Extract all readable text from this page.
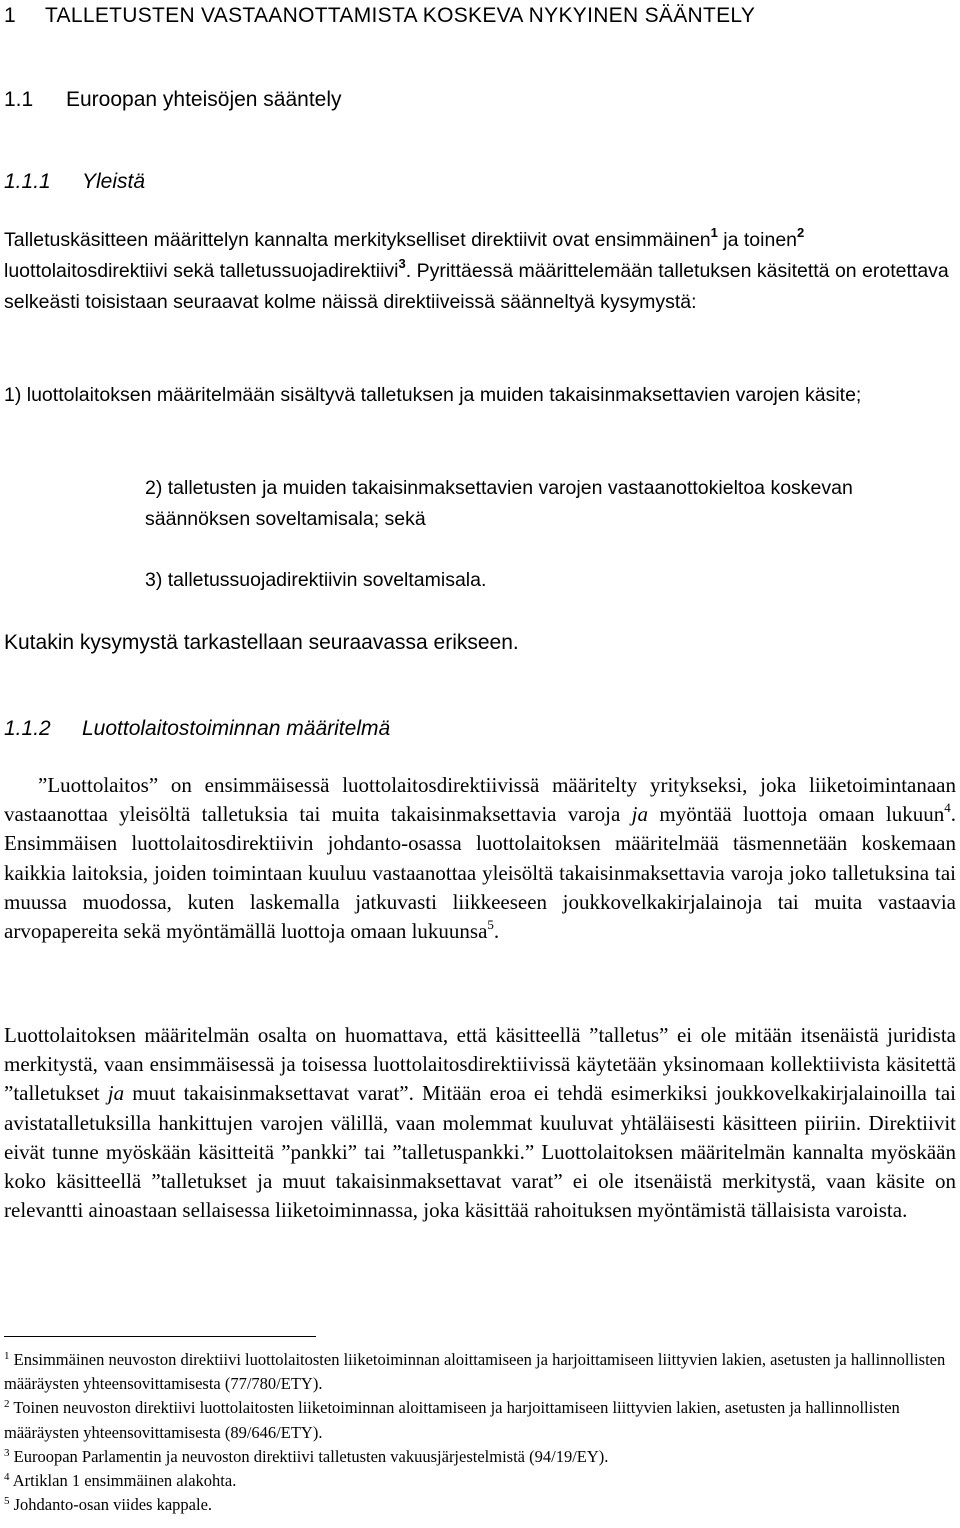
1 TALLETUSTEN VASTAANOTTAMISTA KOSKEVA NYKYINEN SÄÄNTELY
1.1 Euroopan yhteisöjen sääntely
1.1.1 Yleistä

Talletuskäsitteen määrittelyn kannalta merkitykselliset direktiivit ovat ensimmäinen$^1$ ja toinen$^2$ luottolaitosdirektiivi sekä talletussuojadirektiivi$^3$. Pyrittäessä määrittelemään talletuksen käsitettä on erotettava selkeästi toisistaan seuraavat kolme näissä direktiiveissä säänneltyä kysymystä:

1) luottolaitoksen määritelmään sisältyvä talletuksen ja muiden takaisinmaksettavien varojen käsite;

2) talletusten ja muiden takaisinmaksettavien varojen vastaanottokieltoa koskevan säännöksen soveltamisala; sekä

3) talletussuojadirektiivin soveltamisala.

Kutakin kysymystä tarkastellaan seuraavassa erikseen.

1.1.2 Luottolaitostoiminnan määritelmä

”Luottolaitos” on ensimmäisessä luottolaitosdirektiivissä määritelty yritykseksi, joka liiketoimintanaan vastaanottaa yleisöltä talletuksia tai muita takaisinmaksettavia varoja ja myöntää luottoja omaan lukuun$^4$. Ensimmäisen luottolaitosdirektiivin johdanto-osassa luottolaitoksen määritelmää täsmennetään koskemaan kaikkia laitoksia, joiden toimintaan kuuluu vastaanottaa yleisöltä takaisinmaksettavia varoja joko talletuksina tai muussa muodossa, kuten laskemalla jatkuvasti liikkeeseen joukkovelkakirjalainoja tai muita vastaavia arvopapereita sekä myöntämällä luottoja omaan lukuunsa$^5$.

Luottolaitoksen määritelmän osalta on huomattava, että käsitteellä ”talletus” ei ole mitään itsenäistä juridista merkitystä, vaan ensimmäisessä ja toisessa luottolaitosdirektiivissä käytetään yksinomaan kollektiivista käsitettä ”talletukset ja muut takaisinmaksettavat varat”. Mitään eroa ei tehdä esimerkiksi joukkovelkakirjalainoilla tai avistatalletuksilla hankittujen varojen välillä, vaan molemmat kuuluvat yhtäläisesti käsitteen piiriin. Direktiivit eivät tunne myöskään käsitteitä ”pankki” tai ”talletuspankki.” Luottolaitoksen määritelmän kannalta myöskään koko käsitteellä ”talletukset ja muut takaisinmaksettavat varat” ei ole itsenäistä merkitystä, vaan käsite on relevantti ainoastaan sellaisessa liiketoiminnassa, joka käsittää rahoituksen myöntämistä tällaisista varoista.

$^1$ Ensimmäinen neuvoston direktiivi luottolaitosten liiketoiminnan aloittamiseen ja harjoittamiseen liittyvien lakien, asetusten ja hallinnollisten määräysten yhteensovittamisesta (77/780/ETY).

$^2$ Toinen neuvoston direktiivi luottolaitosten liiketoiminnan aloittamiseen ja harjoittamiseen liittyvien lakien, asetusten ja hallinnollisten määräysten yhteensovittamisesta (89/646/ETY).

$^3$ Euroopan Parlamentin ja neuvoston direktiivi talletusten vakuusjärjestelmistä (94/19/EY).

$^4$ Artiklan 1 ensimmäinen alakohta.

$^5$ Johdanto-osan viides kappale.
